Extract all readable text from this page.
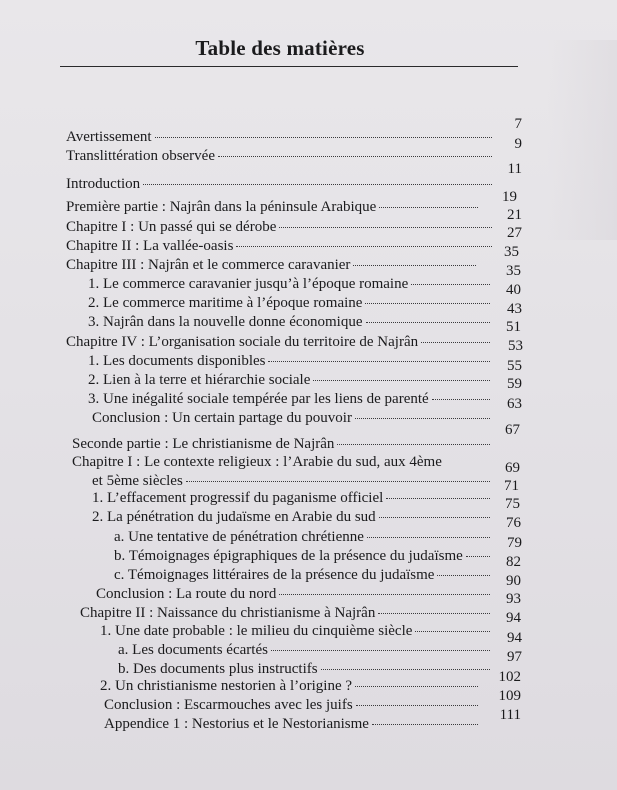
Table des matières
Avertissement
7
Translittération observée
9
Introduction
11
Première partie : Najrân dans la péninsule Arabique
19
Chapitre I : Un passé qui se dérobe
21
Chapitre II : La vallée-oasis
27
Chapitre III : Najrân et le commerce caravanier
35
1. Le commerce caravanier jusqu’à l’époque romaine
35
2. Le commerce maritime à l’époque romaine
40
3. Najrân dans la nouvelle donne économique
43
Chapitre IV : L’organisation sociale du territoire de Najrân
51
1. Les documents disponibles
53
2. Lien à la terre et hiérarchie sociale
55
3. Une inégalité sociale tempérée par les liens de parenté
59
Conclusion : Un certain partage du pouvoir
63
Seconde partie : Le christianisme de Najrân
67
Chapitre I : Le contexte religieux : l’Arabie du sud, aux 4ème
et 5ème siècles
69
1. L’effacement progressif du paganisme officiel
71
2. La pénétration du judaïsme en Arabie du sud
75
a. Une tentative de pénétration chrétienne
76
b. Témoignages épigraphiques de la présence du judaïsme
79
c. Témoignages littéraires de la présence du judaïsme
82
Conclusion : La route du nord
90
Chapitre II : Naissance du christianisme à Najrân
93
1. Une date probable : le milieu du cinquième siècle
94
a. Les documents écartés
94
b. Des documents plus instructifs
97
2. Un christianisme nestorien à l’origine ?
102
Conclusion : Escarmouches avec les juifs
109
Appendice 1 : Nestorius et le Nestorianisme
111
